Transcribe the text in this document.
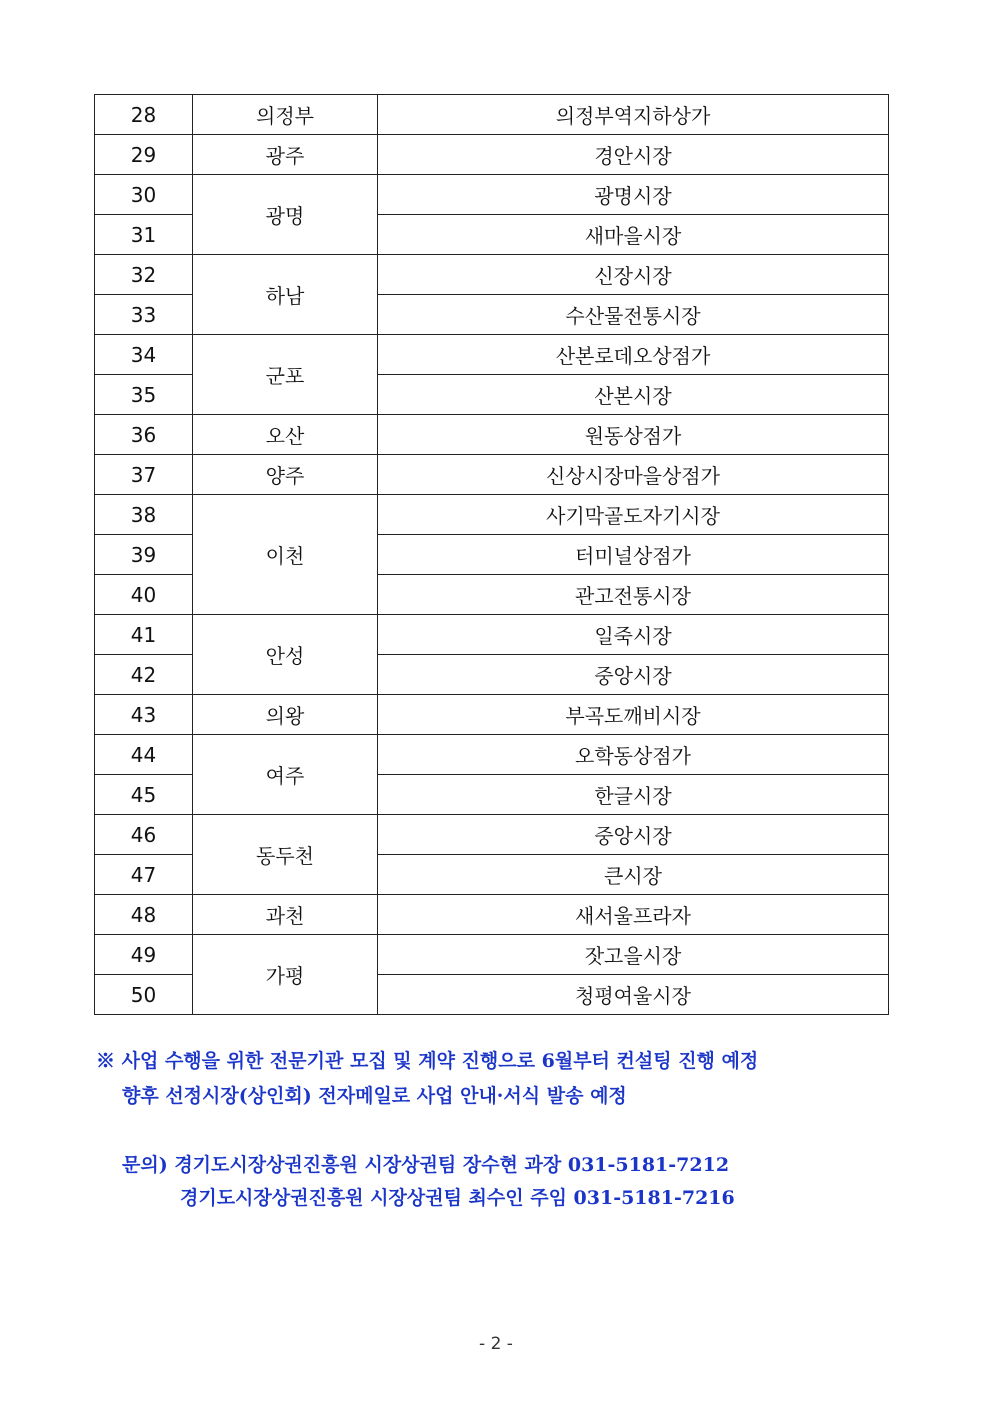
28	의정부	의정부역지하상가
29	광주	경안시장
30	광명	광명시장
31		새마을시장
32	하남	신장시장
33		수산물전통시장
34	군포	산본로데오상점가
35		산본시장
36	오산	원동상점가
37	양주	신상시장마을상점가
38	이천	사기막골도자기시장
39		터미널상점가
40		관고전통시장
41	안성	일죽시장
42		중앙시장
43	의왕	부곡도깨비시장
44	여주	오학동상점가
45		한글시장
46	동두천	중앙시장
47		큰시장
48	과천	새서울프라자
49	가평	잣고을시장
50		청평여울시장
※ 사업 수행을 위한 전문기관 모집 및 계약 진행으로 6월부터 컨설팅 진행 예정
향후 선정시장(상인회) 전자메일로 사업 안내·서식 발송 예정
문의) 경기도시장상권진흥원 시장상권팀 장수현 과장 031-5181-7212
경기도시장상권진흥원 시장상권팀 최수인 주임 031-5181-7216
- 2 -
